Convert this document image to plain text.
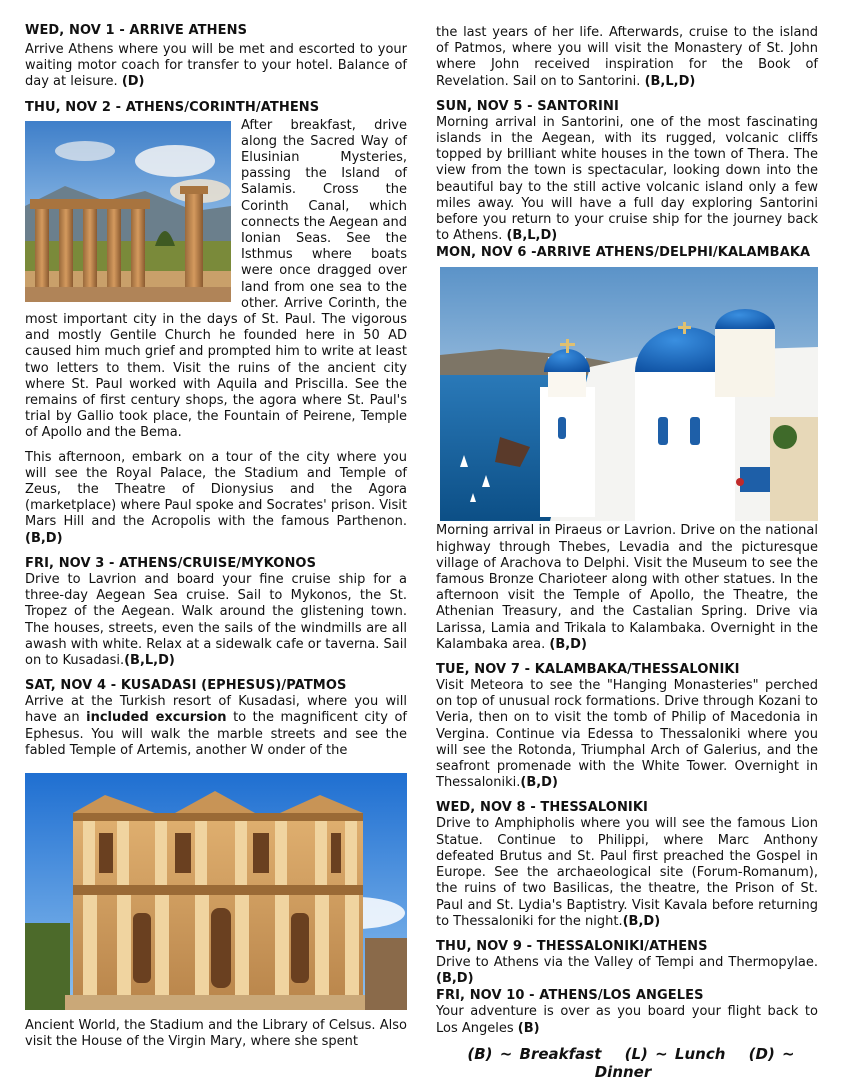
WED, NOV 1 - ARRIVE ATHENS

Arrive Athens where you will be met and escorted to your waiting motor coach for transfer to your hotel. Balance of day at leisure. (D)

THU, NOV 2 - ATHENS/CORINTH/ATHENS

After breakfast, drive along the Sacred Way of Elusinian Mysteries, passing the Island of Salamis. Cross the Corinth Canal, which connects the Aegean and Ionian Seas. See the Isthmus where boats were once dragged over land from one sea to the other. Arrive Corinth, the most important city in the days of St. Paul. The vigorous and mostly Gentile Church he founded here in 50 AD caused him much grief and prompted him to write at least two letters to them. Visit the ruins of the ancient city where St. Paul worked with Aquila and Priscilla. See the remains of first century shops, the agora where St. Paul's trial by Gallio took place, the Fountain of Peirene, Temple of Apollo and the Bema.

This afternoon, embark on a tour of the city where you will see the Royal Palace, the Stadium and Temple of Zeus, the Theatre of Dionysius and the Agora (marketplace) where Paul spoke and Socrates' prison. Visit Mars Hill and the Acropolis with the famous Parthenon.(B,D)

FRI, NOV 3 - ATHENS/CRUISE/MYKONOS

Drive to Lavrion and board your fine cruise ship for a three-day Aegean Sea cruise. Sail to Mykonos, the St. Tropez of the Aegean. Walk around the glistening town. The houses, streets, even the sails of the windmills are all awash with white. Relax at a sidewalk cafe or taverna. Sail on to Kusadasi.(B,L,D)

SAT, NOV 4 - KUSADASI (EPHESUS)/PATMOS

Arrive at the Turkish resort of Kusadasi, where you will have an included excursion to the magnificent city of Ephesus. You will walk the marble streets and see the fabled Temple of Artemis, another W onder of the

Ancient World, the Stadium and the Library of Celsus. Also visit the House of the Virgin Mary, where she spent

the last years of her life. Afterwards, cruise to the island of Patmos, where you will visit the Monastery of St. John where John received inspiration for the Book of Revelation. Sail on to Santorini. (B,L,D)

SUN, NOV 5 - SANTORINI

Morning arrival in Santorini, one of the most fascinating islands in the Aegean, with its rugged, volcanic cliffs topped by brilliant white houses in the town of Thera. The view from the town is spectacular, looking down into the beautiful bay to the still active volcanic island only a few miles away. You will have a full day exploring Santorini before you return to your cruise ship for the journey back to Athens. (B,L,D)

MON, NOV 6 -ARRIVE ATHENS/DELPHI/KALAMBAKA

Morning arrival in Piraeus or Lavrion. Drive on the national highway through Thebes, Levadia and the picturesque village of Arachova to Delphi. Visit the Museum to see the famous Bronze Charioteer along with other statues. In the afternoon visit the Temple of Apollo, the Theatre, the Athenian Treasury, and the Castalian Spring. Drive via Larissa, Lamia and Trikala to Kalambaka. Overnight in the Kalambaka area. (B,D)

TUE, NOV 7 - KALAMBAKA/THESSALONIKI

Visit Meteora to see the "Hanging Monasteries" perched on top of unusual rock formations. Drive through Kozani to Veria, then on to visit the tomb of Philip of Macedonia in Vergina. Continue via Edessa to Thessaloniki where you will see the Rotonda, Triumphal Arch of Galerius, and the seafront promenade with the White Tower. Overnight in Thessaloniki.(B,D)

WED, NOV 8 - THESSALONIKI

Drive to Amphipholis where you will see the famous Lion Statue. Continue to Philippi, where Marc Anthony defeated Brutus and St. Paul first preached the Gospel in Europe. See the archaeological site (Forum-Romanum), the ruins of two Basilicas, the theatre, the Prison of St. Paul and St. Lydia's Baptistry. Visit Kavala before returning to Thessaloniki for the night.(B,D)

THU, NOV 9 - THESSALONIKI/ATHENS

Drive to Athens via the Valley of Tempi and Thermopylae.(B,D)

FRI, NOV 10 - ATHENS/LOS ANGELES

Your adventure is over as you board your flight back to Los Angeles (B)

(B) ~ Breakfast (L) ~ Lunch (D) ~ Dinner
